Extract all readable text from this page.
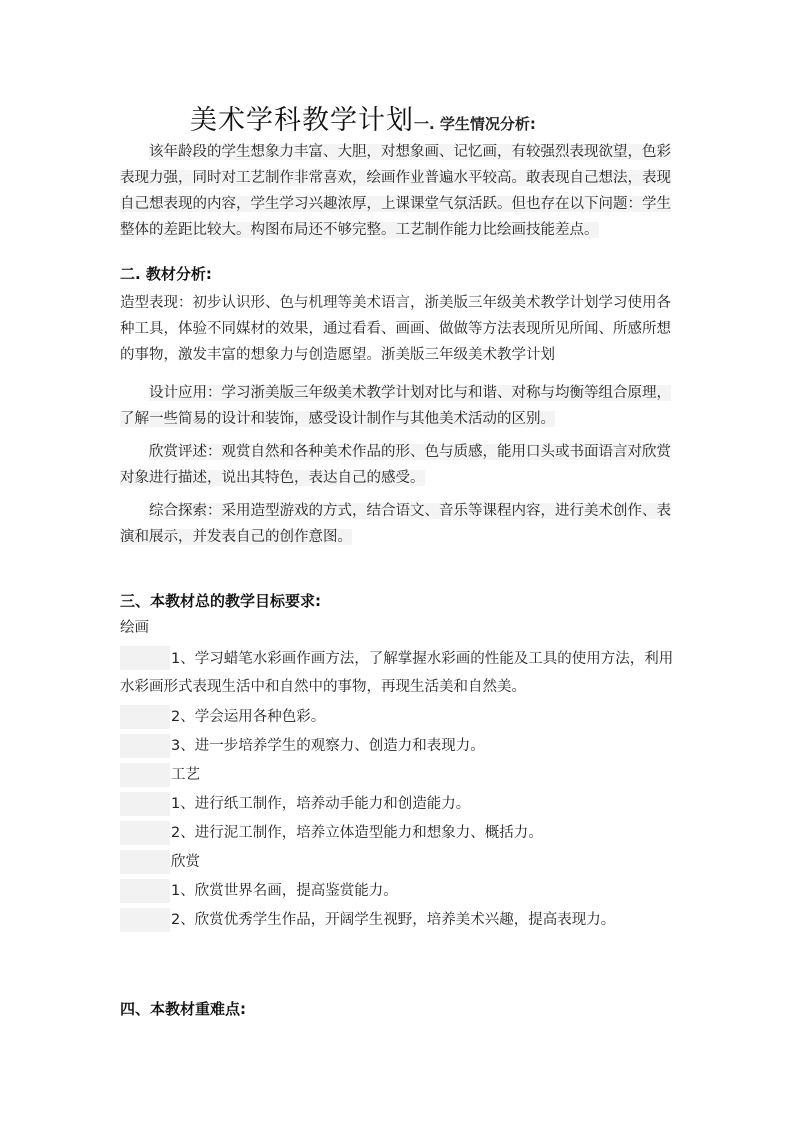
美术学科教学计划一. 学生情况分析:
该年龄段的学生想象力丰富、大胆，对想象画、记忆画，有较强烈表现欲望，色彩表现力强，同时对工艺制作非常喜欢，绘画作业普遍水平较高。敢表现自己想法，表现自己想表现的内容，学生学习兴趣浓厚，上课课堂气氛活跃。但也存在以下问题：学生整体的差距比较大。构图布局还不够完整。工艺制作能力比绘画技能差点。
二. 教材分析:
造型表现：初步认识形、色与机理等美术语言，浙美版三年级美术教学计划学习使用各种工具，体验不同媒材的效果，通过看看、画画、做做等方法表现所见所闻、所感所想的事物，激发丰富的想象力与创造愿望。浙美版三年级美术教学计划
设计应用：学习浙美版三年级美术教学计划对比与和谐、对称与均衡等组合原理，了解一些简易的设计和装饰，感受设计制作与其他美术活动的区别。
欣赏评述：观赏自然和各种美术作品的形、色与质感，能用口头或书面语言对欣赏对象进行描述，说出其特色，表达自己的感受。
综合探索：采用造型游戏的方式，结合语文、音乐等课程内容，进行美术创作、表演和展示，并发表自己的创作意图。
三、本教材总的教学目标要求:
绘画
1、学习蜡笔水彩画作画方法，了解掌握水彩画的性能及工具的使用方法，利用水彩画形式表现生活中和自然中的事物，再现生活美和自然美。
2、学会运用各种色彩。
3、进一步培养学生的观察力、创造力和表现力。
工艺
1、进行纸工制作，培养动手能力和创造能力。
2、进行泥工制作，培养立体造型能力和想象力、概括力。
欣赏
1、欣赏世界名画，提高鉴赏能力。
2、欣赏优秀学生作品，开阔学生视野，培养美术兴趣，提高表现力。
四、本教材重难点:
